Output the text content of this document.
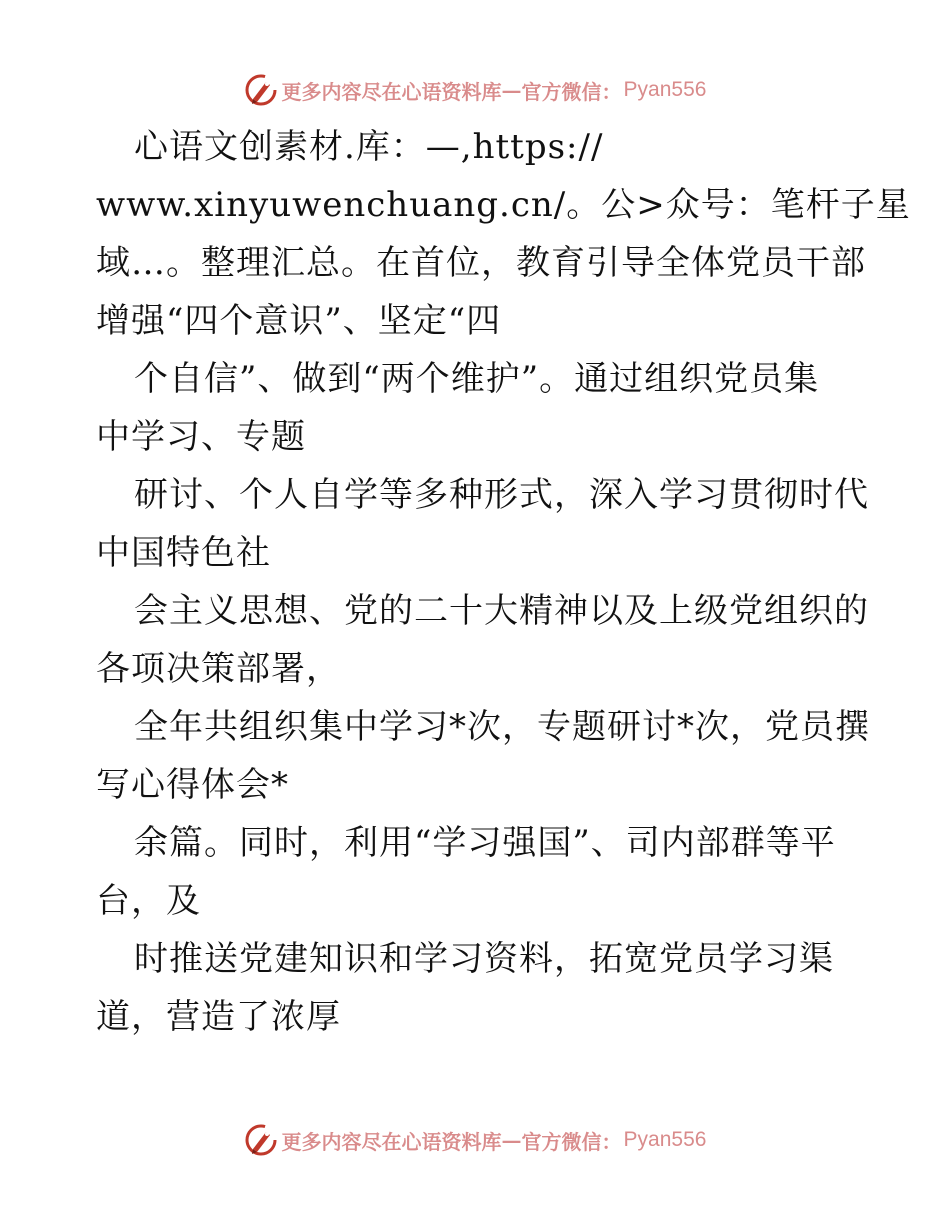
更多内容尽在心语资料库 — 官方微信： Pyan556
心语文创素材.库：—,https://
www.xinyuwenchuang.cn/。公>众号：笔杆子星
域…。整理汇总。在首位，教育引导全体党员干部
增强“四个意识”、坚定“四
个自信”、做到“两个维护”。通过组织党员集
中学习、专题
研讨、个人自学等多种形式，深入学习贯彻时代
中国特色社
会主义思想、党的二十大精神以及上级党组织的
各项决策部署，
全年共组织集中学习*次，专题研讨*次，党员撰
写心得体会*
余篇。同时，利用“学习强国”、司内部群等平
台，及
时推送党建知识和学习资料，拓宽党员学习渠
道，营造了浓厚
更多内容尽在心语资料库 — 官方微信： Pyan556
